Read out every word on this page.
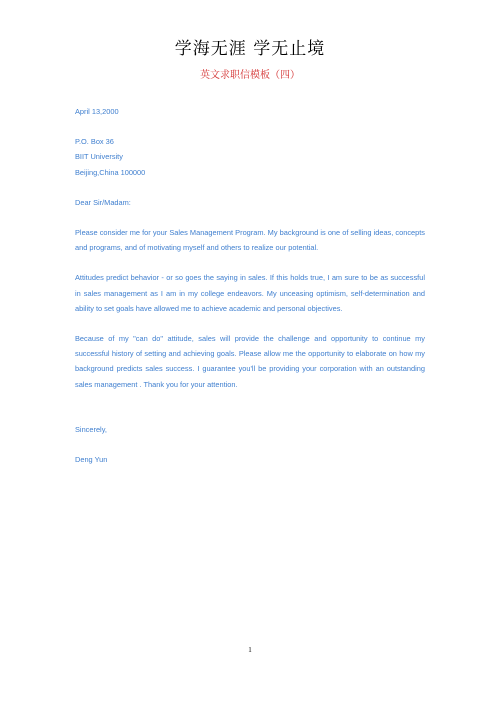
学海无涯 学无止境
英文求职信模板（四）

April 13,2000

P.O. Box 36

BIIT University

Beijing,China 100000

Dear Sir/Madam:

Please consider me for your Sales Management Program. My background is one of selling ideas, concepts and programs, and of motivating myself and others to realize our potential.

Attitudes predict behavior - or so goes the saying in sales. If this holds true, I am sure to be as successful in sales management as I am in my college endeavors. My unceasing optimism, self-determination and ability to set goals have allowed me to achieve academic and personal objectives.

Because of my "can do" attitude, sales will provide the challenge and opportunity to continue my successful history of setting and achieving goals. Please allow me the opportunity to elaborate on how my background predicts sales success. I guarantee you'll be providing your corporation with an outstanding sales management . Thank you for your attention.

Sincerely,

Deng Yun

1
